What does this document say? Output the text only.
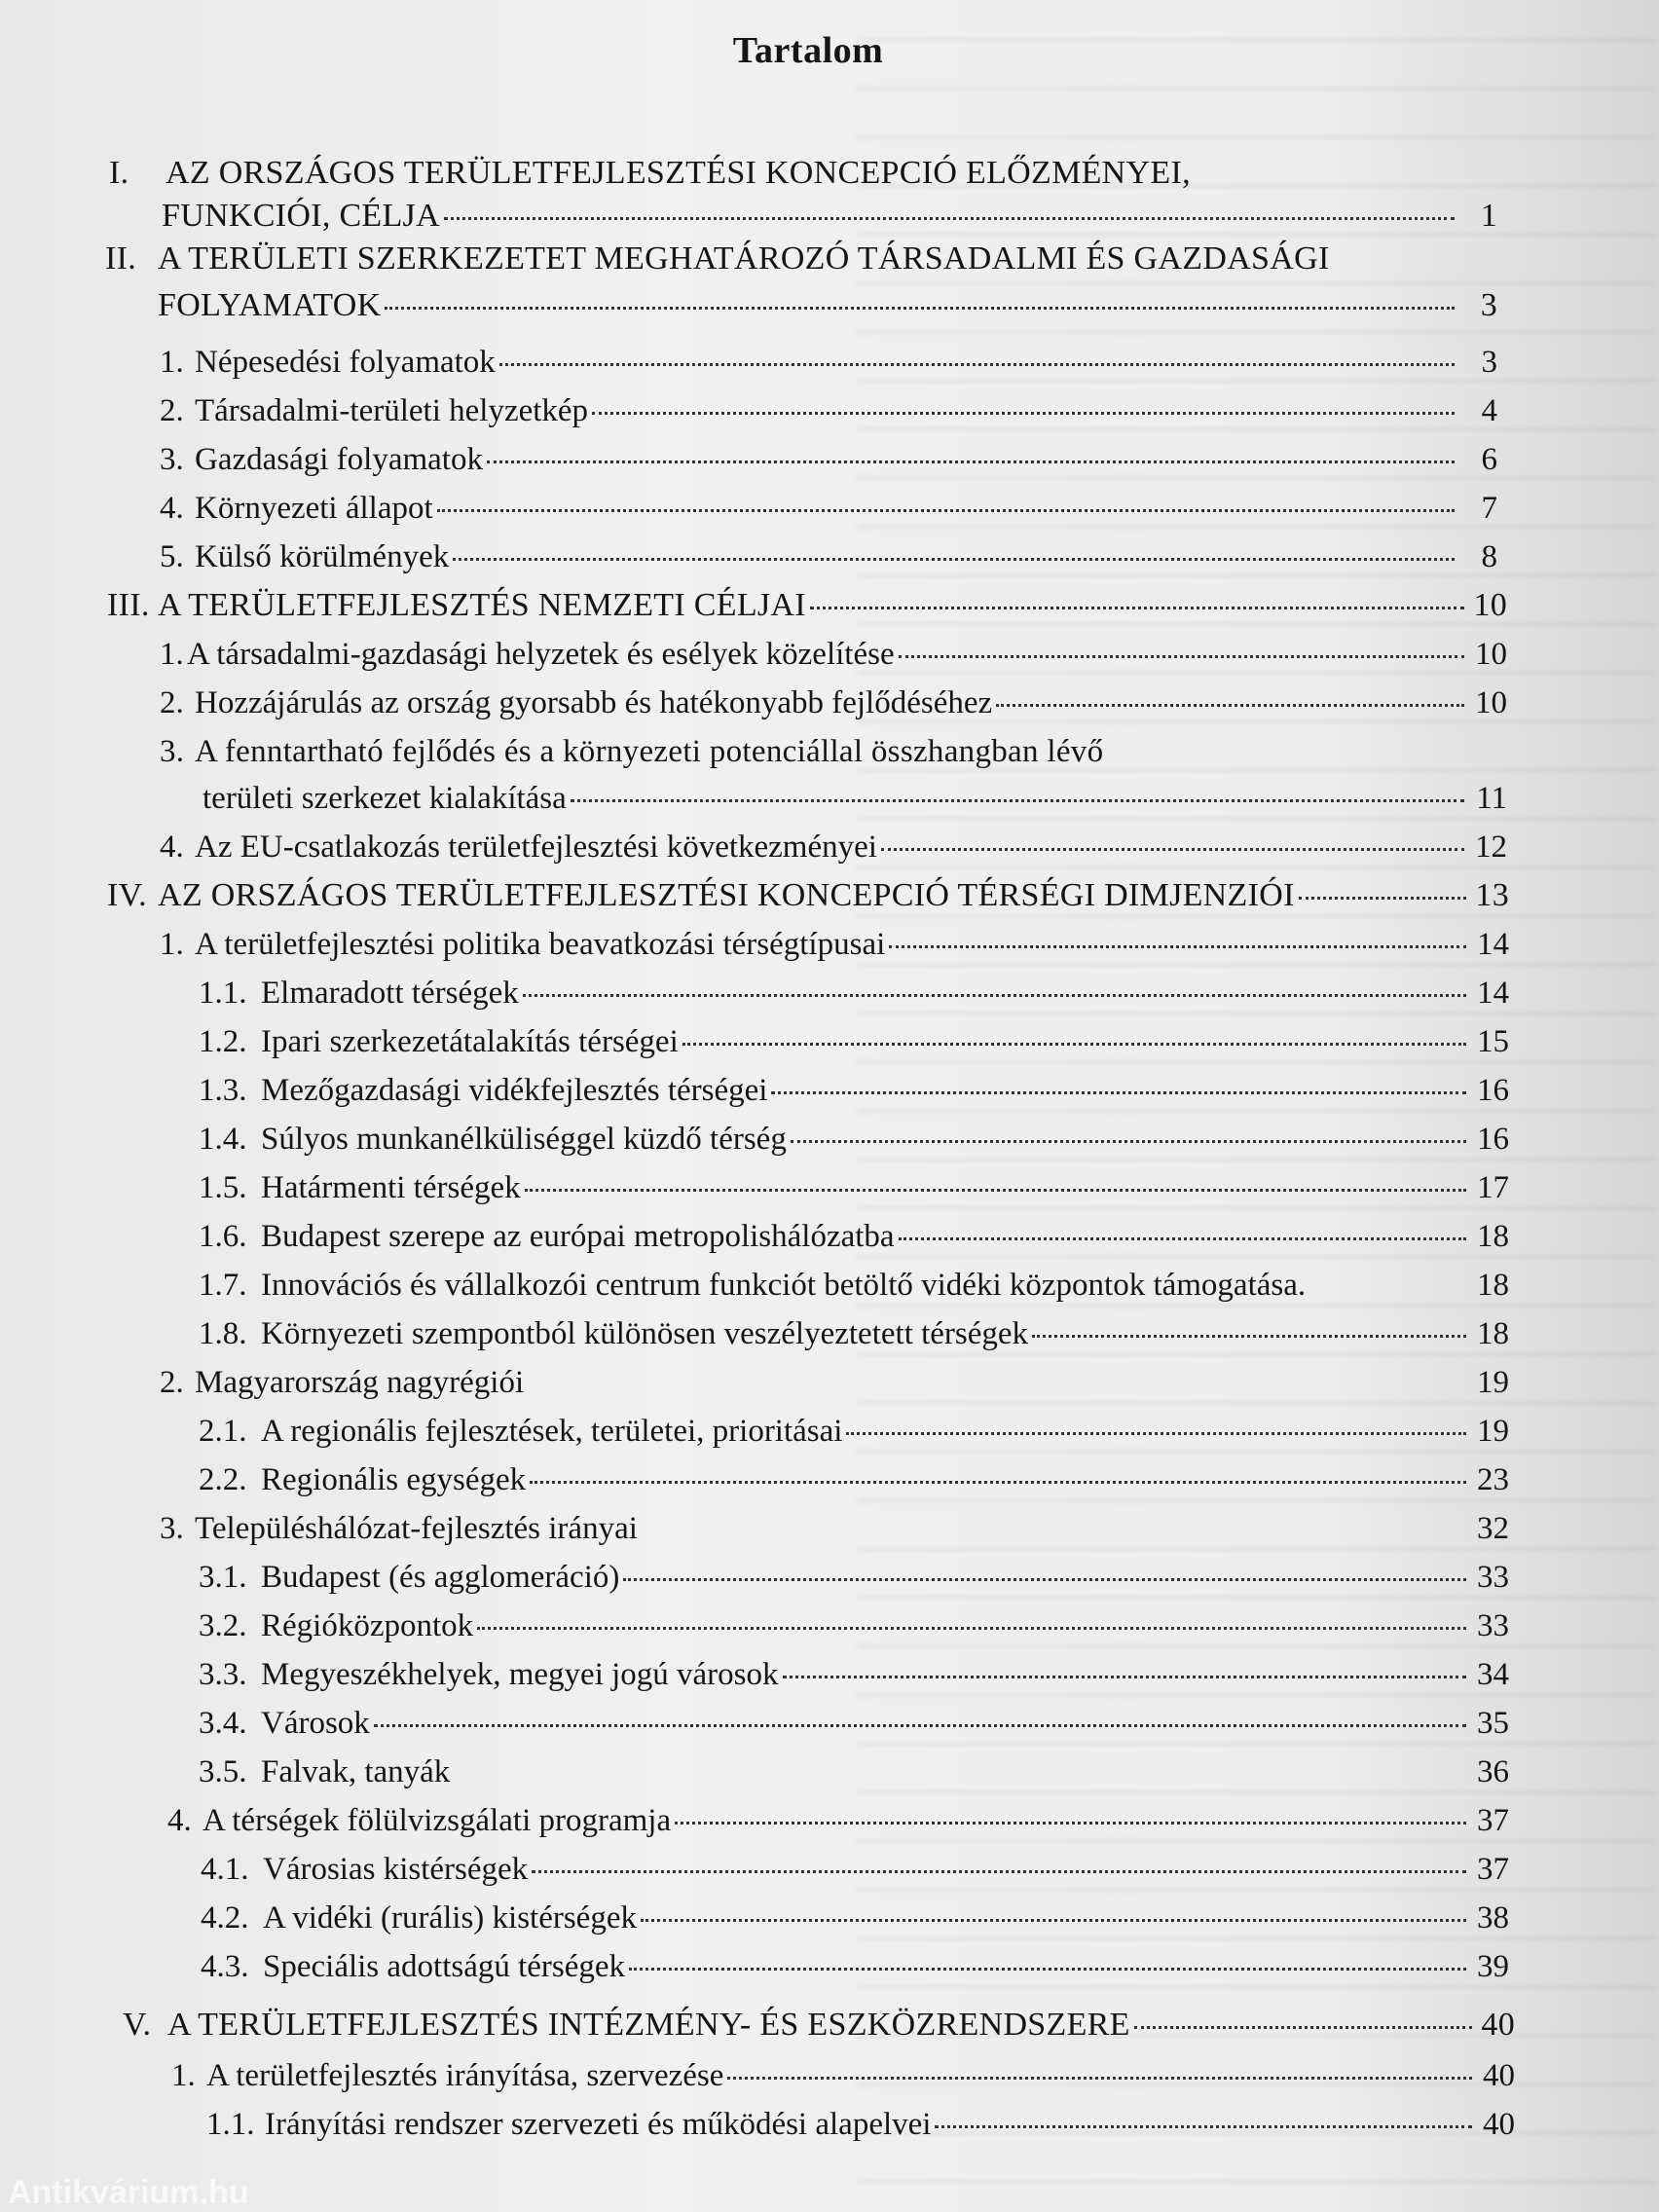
Tartalom
I. AZ ORSZÁGOS TERÜLETFEJLESZTÉSI KONCEPCIÓ ELŐZMÉNYEI,
FUNKCIÓI, CÉLJA	1
II. A TERÜLETI SZERKEZETET MEGHATÁROZÓ TÁRSADALMI ÉS GAZDASÁGI
FOLYAMATOK	3
1. Népesedési folyamatok	3
2. Társadalmi-területi helyzetkép	4
3. Gazdasági folyamatok	6
4. Környezeti állapot	7
5. Külső körülmények	8
III. A TERÜLETFEJLESZTÉS NEMZETI CÉLJAI	10
1. A társadalmi-gazdasági helyzetek és esélyek közelítése	10
2. Hozzájárulás az ország gyorsabb és hatékonyabb fejlődéséhez	10
3. A fenntartható fejlődés és a környezeti potenciállal összhangban lévő
területi szerkezet kialakítása	11
4. Az EU-csatlakozás területfejlesztési következményei	12
IV. AZ ORSZÁGOS TERÜLETFEJLESZTÉSI KONCEPCIÓ TÉRSÉGI DIMJENZIÓI	13
1. A területfejlesztési politika beavatkozási térségtípusai	14
1.1. Elmaradott térségek	14
1.2. Ipari szerkezetátalakítás térségei	15
1.3. Mezőgazdasági vidékfejlesztés térségei	16
1.4. Súlyos munkanélküliséggel küzdő térség	16
1.5. Határmenti térségek	17
1.6. Budapest szerepe az európai metropolishálózatba	18
1.7. Innovációs és vállalkozói centrum funkciót betöltő vidéki központok támogatása.	18
1.8. Környezeti szempontból különösen veszélyeztetett térségek	18
2. Magyarország nagyrégiói	19
2.1. A regionális fejlesztések, területei, prioritásai	19
2.2. Regionális egységek	23
3. Településhálózat-fejlesztés irányai	32
3.1. Budapest (és agglomeráció)	33
3.2. Régióközpontok	33
3.3. Megyeszékhelyek, megyei jogú városok	34
3.4. Városok	35
3.5. Falvak, tanyák	36
4. A térségek fölülvizsgálati programja	37
4.1. Városias kistérségek	37
4.2. A vidéki (rurális) kistérségek	38
4.3. Speciális adottságú térségek	39
V. A TERÜLETFEJLESZTÉS INTÉZMÉNY- ÉS ESZKÖZRENDSZERE	40
1. A területfejlesztés irányítása, szervezése	40
1.1. Irányítási rendszer szervezeti és működési alapelvei	40
Antikvárium.hu
